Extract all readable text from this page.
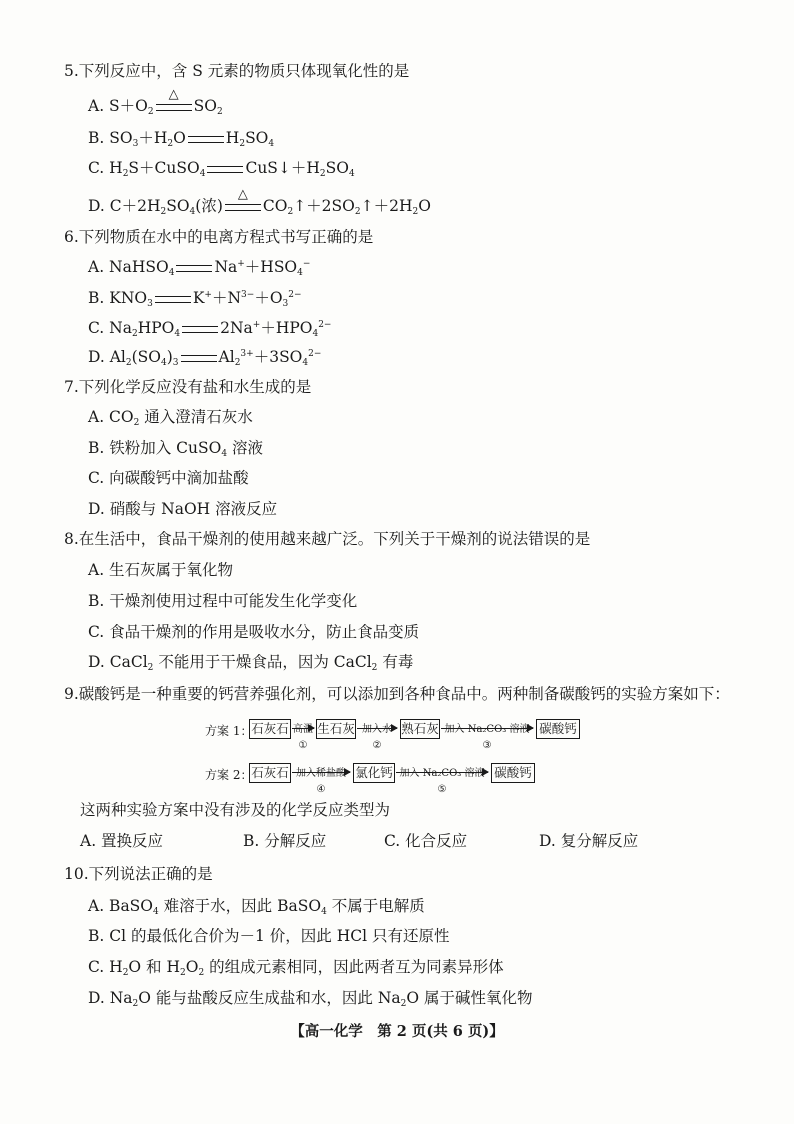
5.下列反应中，含 S 元素的物质只体现氧化性的是
A. $S+O_2$
△
$SO_2$
B. $SO_3+H_2O$	$H_2SO_4$
C. $H_2S+CuSO_4$	$CuS↓+H_2SO_4$
D. $C+2H_2SO_4$(浓)
△
$CO_2↑+2SO_2↑+2H_2O$
6.下列物质在水中的电离方程式书写正确的是
A. NaHSO$_4$	$Na^++HSO_4^-$
B. $KNO_3$	$K^++N^{3-}+O_3^{2-}$
C. $Na_2HPO_4$	$2Na^++HPO_4^{2-}$
D. $Al_2(SO_4)_3$	$Al_2^{3+}+3SO_4^{2-}$
7.下列化学反应没有盐和水生成的是
A. $CO_2$ 通入澄清石灰水
B. 铁粉加入 CuSO$_4$ 溶液
C. 向碳酸钙中滴加盐酸
D. 硝酸与 NaOH 溶液反应
8.在生活中，食品干燥剂的使用越来越广泛。下列关于干燥剂的说法错误的是
A. 生石灰属于氧化物
B. 干燥剂使用过程中可能发生化学变化
C. 食品干燥剂的作用是吸收水分，防止食品变质
D. CaCl$_2$ 不能用于干燥食品，因为 CaCl$_2$ 有毒
9.碳酸钙是一种重要的钙营养强化剂，可以添加到各种食品中。两种制备碳酸钙的实验方案如下：
方案 1：
石灰石 高温
①
生石灰 加入水
②
熟石灰 加入 Na₂CO₃ 溶液
③
碳酸钙
方案 2：
石灰石 加入稀盐酸
④
氯化钙 加入 Na₂CO₃ 溶液
⑤
碳酸钙
这两种实验方案中没有涉及的化学反应类型为
A. 置换反应	B. 分解反应	C. 化合反应	D. 复分解反应
10.下列说法正确的是
A. BaSO$_4$ 难溶于水，因此 BaSO$_4$ 不属于电解质
B. Cl 的最低化合价为－1 价，因此 HCl 只有还原性
C. $H_2O$ 和 $H_2O_2$ 的组成元素相同，因此两者互为同素异形体
D. $Na_2O$ 能与盐酸反应生成盐和水，因此 $Na_2O$ 属于碱性氧化物
【高一化学　第 2 页(共 6 页)】
